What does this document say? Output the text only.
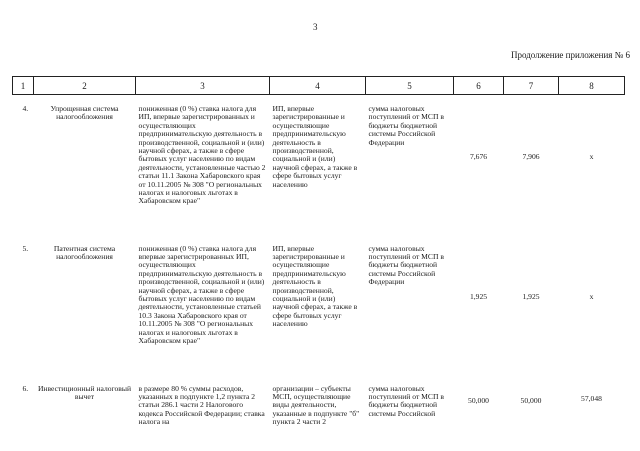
3
Продолжение приложения № 6
1	2	3	4	5	6	7	8
4.	Упрощенная система налогообложения	пониженная (0 %) ставка налога для ИП, впервые зарегистрированных и осуществляющих предпринимательскую деятельность в производственной, социальной и (или) научной сферах, а также в сфере бытовых услуг населению по видам деятельности, установленные частью 2 статьи 11.1 Закона Хабаровского края от 10.11.2005 № 308 "О региональных налогах и налоговых льготах в Хабаровском крае"	ИП, впервые зарегистрированные и осуществляющие предпринимательскую деятельность в производственной, социальной и (или) научной сферах, а также в сфере бытовых услуг населению	сумма налоговых поступлений от МСП в бюджеты бюджетной системы Российской Федерации	7,676	7,906	x
5.	Патентная система налогообложения	пониженная (0 %) ставка налога для впервые зарегистрированных ИП, осуществляющих предпринимательскую деятельность в производственной, социальной и (или) научной сферах, а также в сфере бытовых услуг населению по видам деятельности, установленные статьей 10.3 Закона Хабаровского края от 10.11.2005 № 308 "О региональных налогах и налоговых льготах в Хабаровском крае"	ИП, впервые зарегистрированные и осуществляющие предпринимательскую деятельность в производственной, социальной и (или) научной сферах, а также в сфере бытовых услуг населению	сумма налоговых поступлений от МСП в бюджеты бюджетной системы Российской Федерации	1,925	1,925	x
6.	Инвестиционный налоговый вычет	в размере 80 % суммы расходов, указанных в подпункте 1,2 пункта 2 статьи 286.1 части 2 Налогового кодекса Российской Федерации; ставка налога на	организации – субъекты МСП, осуществляющие виды деятельности, указанные в подпункте "б" пункта 2 части 2	сумма налоговых поступлений от МСП в бюджеты бюджетной системы Российской	50,000	50,000	57,048
